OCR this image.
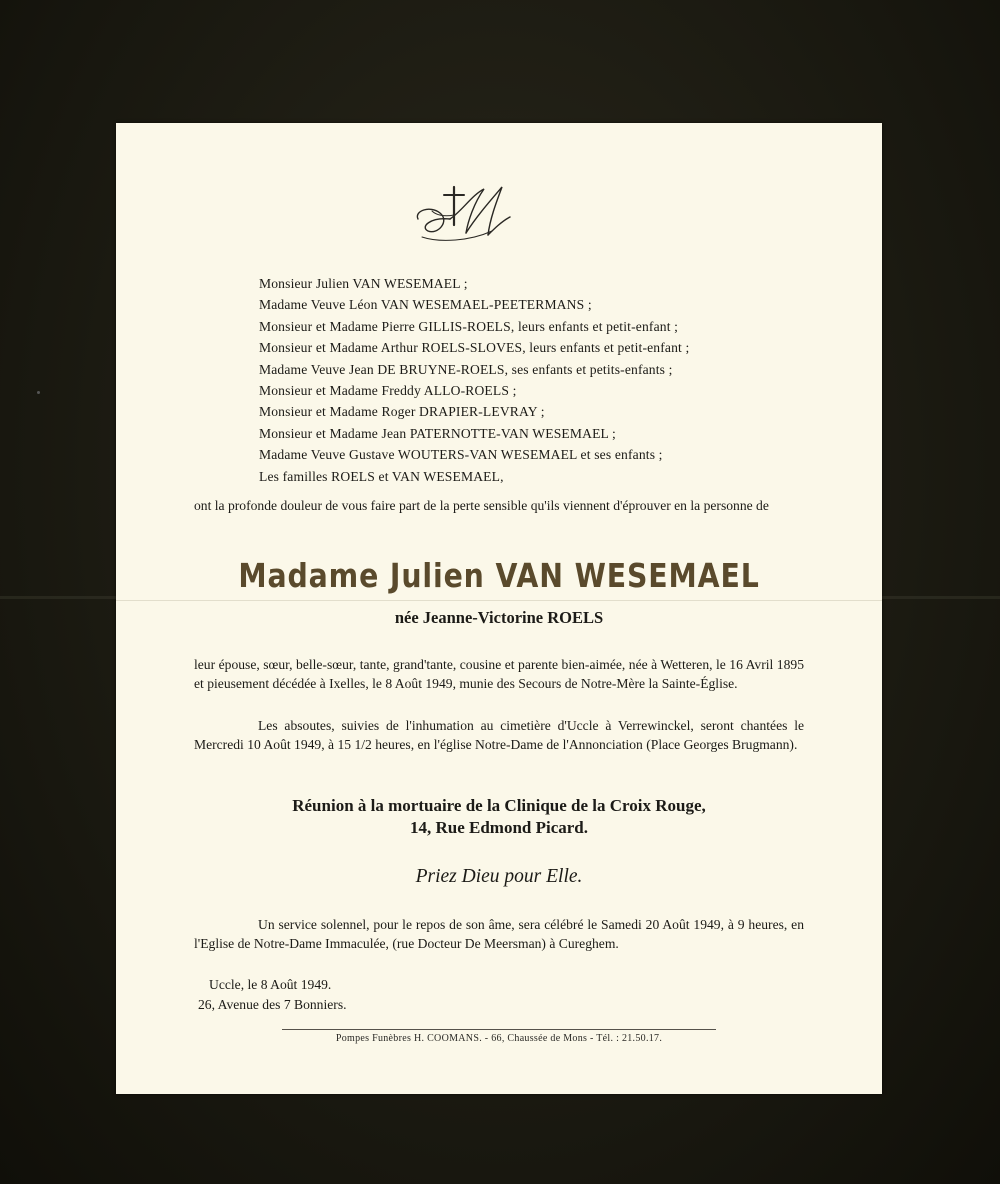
Monsieur Julien VAN WESEMAEL ;
Madame Veuve Léon VAN WESEMAEL-PEETERMANS ;
Monsieur et Madame Pierre GILLIS-ROELS, leurs enfants et petit-enfant ;
Monsieur et Madame Arthur ROELS-SLOVES, leurs enfants et petit-enfant ;
Madame Veuve Jean DE BRUYNE-ROELS, ses enfants et petits-enfants ;
Monsieur et Madame Freddy ALLO-ROELS ;
Monsieur et Madame Roger DRAPIER-LEVRAY ;
Monsieur et Madame Jean PATERNOTTE-VAN WESEMAEL ;
Madame Veuve Gustave WOUTERS-VAN WESEMAEL et ses enfants ;
Les familles ROELS et VAN WESEMAEL,

ont la profonde douleur de vous faire part de la perte sensible qu'ils viennent d'éprouver en la personne de

Madame Julien VAN WESEMAEL

née Jeanne-Victorine ROELS

leur épouse, sœur, belle-sœur, tante, grand'tante, cousine et parente bien-aimée, née à Wetteren, le 16 Avril 1895 et pieusement décédée à Ixelles, le 8 Août 1949, munie des Secours de Notre-Mère la Sainte-Église.

Les absoutes, suivies de l'inhumation au cimetière d'Uccle à Verrewinckel, seront chantées le Mercredi 10 Août 1949, à 15 1/2 heures, en l'église Notre-Dame de l'Annonciation (Place Georges Brugmann).

Réunion à la mortuaire de la Clinique de la Croix Rouge,
14, Rue Edmond Picard.

Priez Dieu pour Elle.

Un service solennel, pour le repos de son âme, sera célébré le Samedi 20 Août 1949, à 9 heures, en l'Eglise de Notre-Dame Immaculée, (rue Docteur De Meersman) à Cureghem.

Uccle, le 8 Août 1949.
26, Avenue des 7 Bonniers.

Pompes Funèbres H. COOMANS. - 66, Chaussée de Mons - Tél. : 21.50.17.
